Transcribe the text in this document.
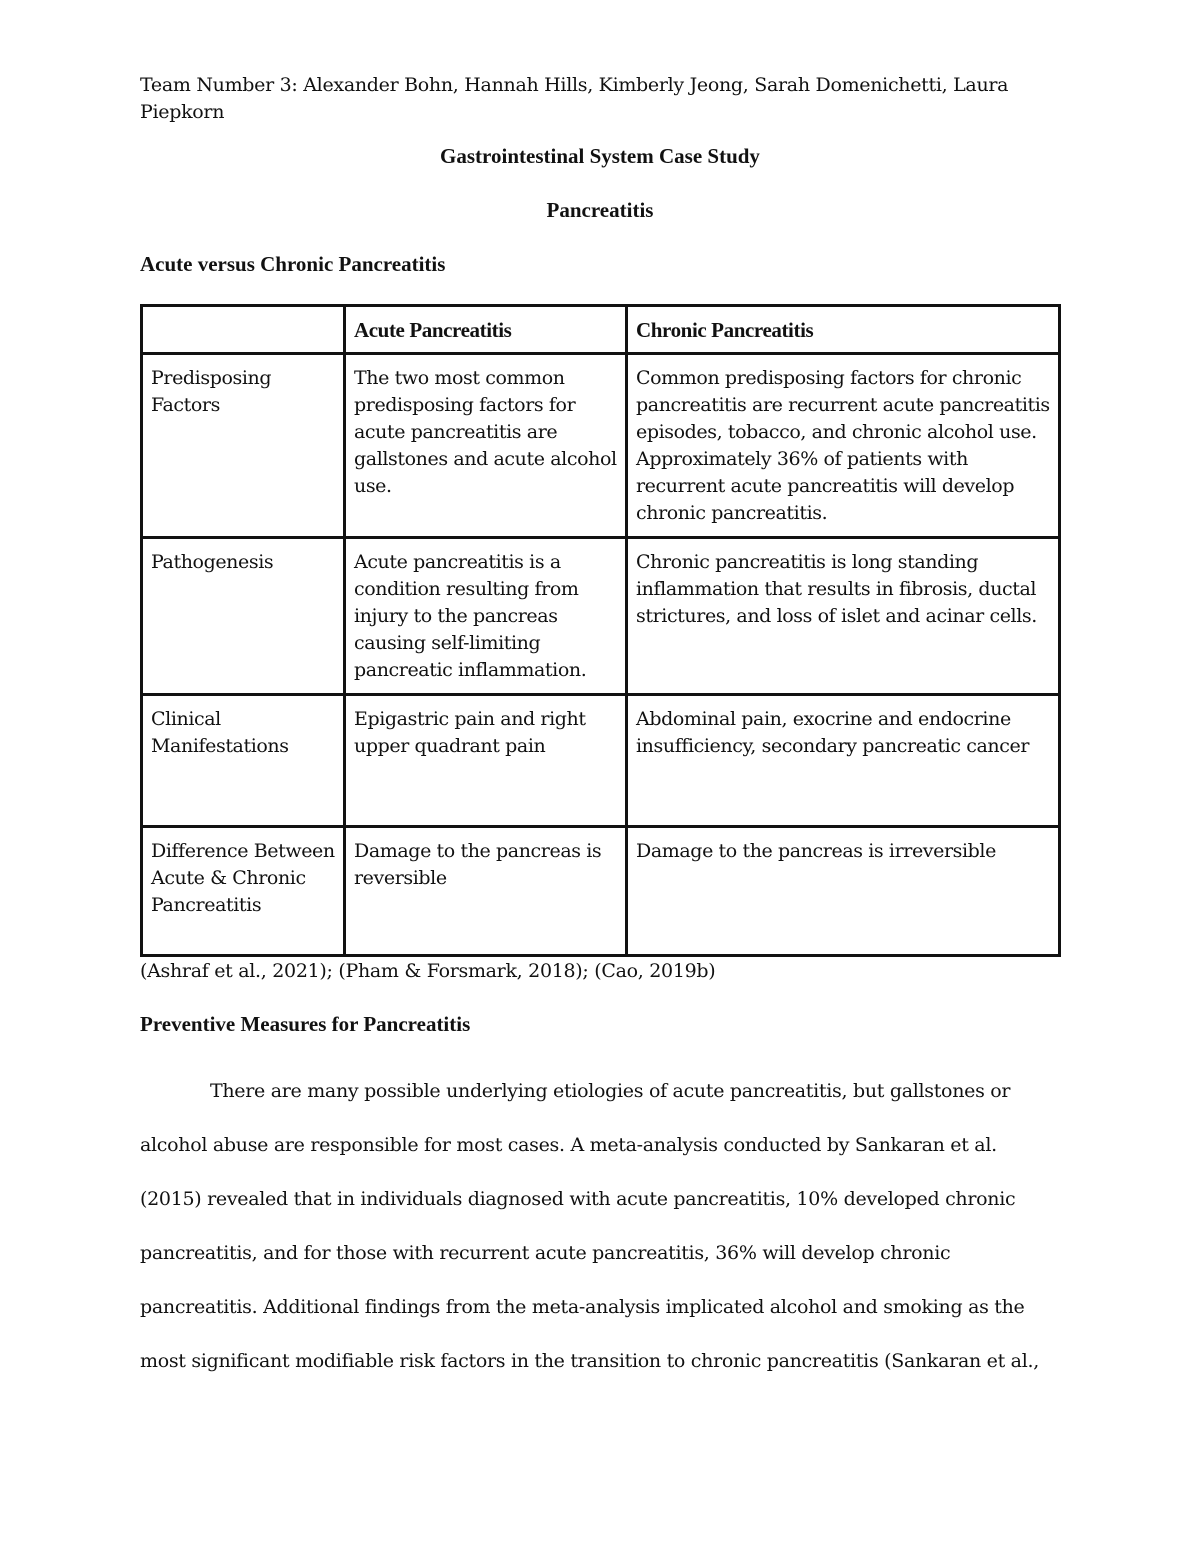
Team Number 3: Alexander Bohn, Hannah Hills, Kimberly Jeong, Sarah Domenichetti, Laura
Piepkorn

Gastrointestinal System Case Study

Pancreatitis

Acute versus Chronic Pancreatitis

	Acute Pancreatitis	Chronic Pancreatitis
Predisposing Factors	The two most common predisposing factors for acute pancreatitis are gallstones and acute alcohol use.	Common predisposing factors for chronic pancreatitis are recurrent acute pancreatitis episodes, tobacco, and chronic alcohol use. Approximately 36% of patients with recurrent acute pancreatitis will develop chronic pancreatitis.
Pathogenesis	Acute pancreatitis is a condition resulting from injury to the pancreas causing self-limiting pancreatic inflammation.	Chronic pancreatitis is long standing inflammation that results in fibrosis, ductal strictures, and loss of islet and acinar cells.
Clinical Manifestations	Epigastric pain and right upper quadrant pain	Abdominal pain, exocrine and endocrine insufficiency, secondary pancreatic cancer
Difference Between Acute & Chronic Pancreatitis	Damage to the pancreas is reversible	Damage to the pancreas is irreversible

(Ashraf et al., 2021); (Pham & Forsmark, 2018); (Cao, 2019b)

Preventive Measures for Pancreatitis

There are many possible underlying etiologies of acute pancreatitis, but gallstones or
alcohol abuse are responsible for most cases. A meta-analysis conducted by Sankaran et al.
(2015) revealed that in individuals diagnosed with acute pancreatitis, 10% developed chronic
pancreatitis, and for those with recurrent acute pancreatitis, 36% will develop chronic
pancreatitis. Additional findings from the meta-analysis implicated alcohol and smoking as the
most significant modifiable risk factors in the transition to chronic pancreatitis (Sankaran et al.,
